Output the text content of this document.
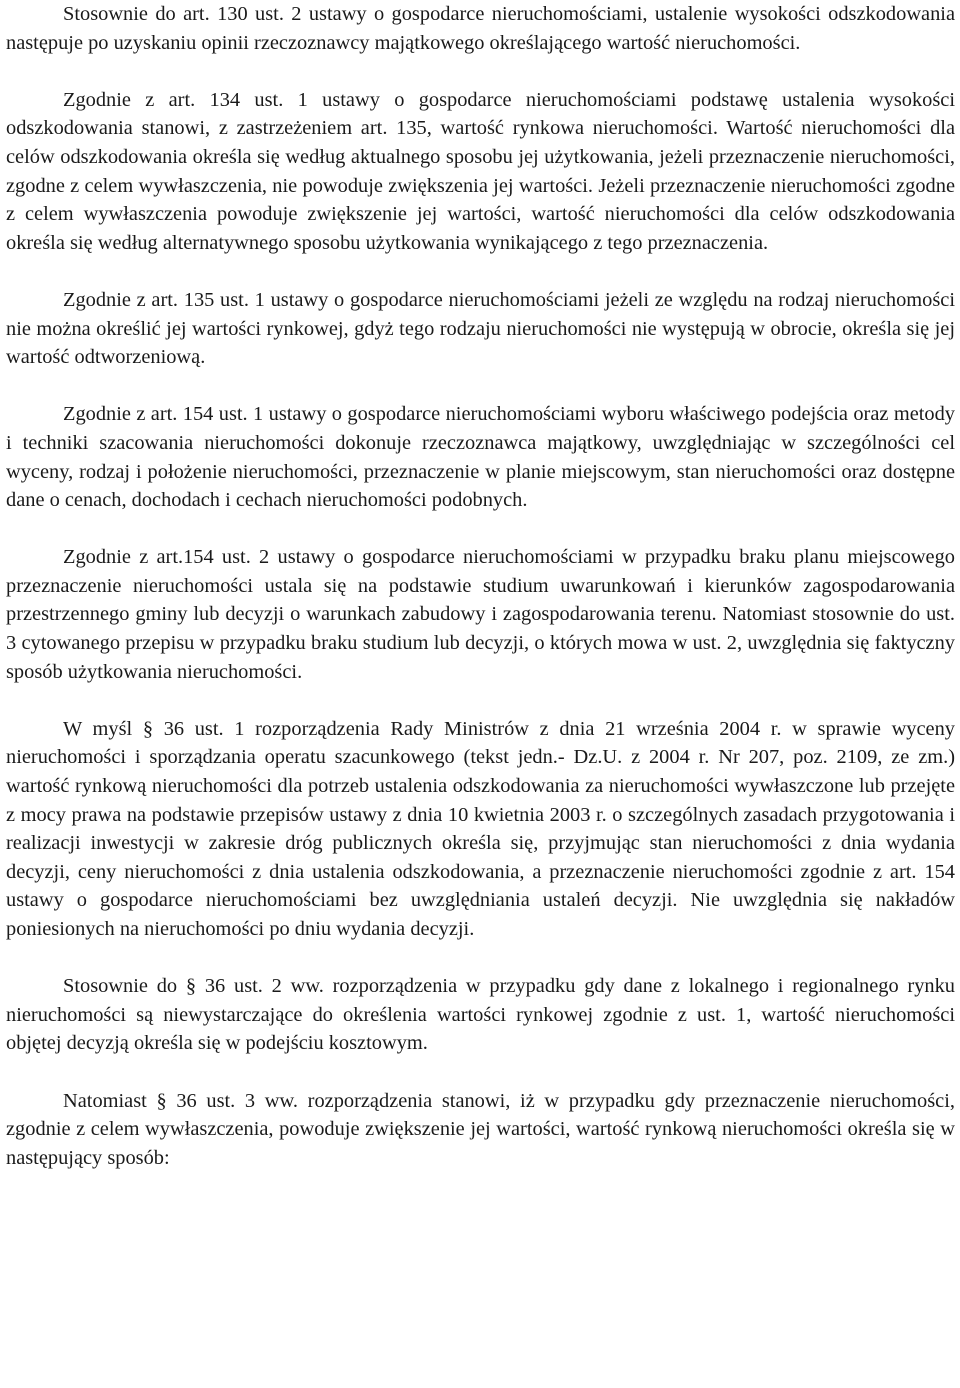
Stosownie do art. 130 ust. 2 ustawy o gospodarce nieruchomościami, ustalenie wysokości odszkodowania następuje po uzyskaniu opinii rzeczoznawcy majątkowego określającego wartość nieruchomości.

Zgodnie z art. 134 ust. 1 ustawy o gospodarce nieruchomościami podstawę ustalenia wysokości odszkodowania stanowi, z zastrzeżeniem art. 135, wartość rynkowa nieruchomości. Wartość nieruchomości dla celów odszkodowania określa się według aktualnego sposobu jej użytkowania, jeżeli przeznaczenie nieruchomości, zgodne z celem wywłaszczenia, nie powoduje zwiększenia jej wartości. Jeżeli przeznaczenie nieruchomości zgodne z celem wywłaszczenia powoduje zwiększenie jej wartości, wartość nieruchomości dla celów odszkodowania określa się według alternatywnego sposobu użytkowania wynikającego z tego przeznaczenia.

Zgodnie z art. 135 ust. 1 ustawy o gospodarce nieruchomościami jeżeli ze względu na rodzaj nieruchomości nie można określić jej wartości rynkowej, gdyż tego rodzaju nieruchomości nie występują w obrocie, określa się jej wartość odtworzeniową.

Zgodnie z art. 154 ust. 1 ustawy o gospodarce nieruchomościami wyboru właściwego podejścia oraz metody i techniki szacowania nieruchomości dokonuje rzeczoznawca majątkowy, uwzględniając w szczególności cel wyceny, rodzaj i położenie nieruchomości, przeznaczenie w planie miejscowym, stan nieruchomości oraz dostępne dane o cenach, dochodach i cechach nieruchomości podobnych.

Zgodnie z art.154 ust. 2 ustawy o gospodarce nieruchomościami w przypadku braku planu miejscowego przeznaczenie nieruchomości ustala się na podstawie studium uwarunkowań i kierunków zagospodarowania przestrzennego gminy lub decyzji o warunkach zabudowy i zagospodarowania terenu. Natomiast stosownie do ust. 3 cytowanego przepisu w przypadku braku studium lub decyzji, o których mowa w ust. 2, uwzględnia się faktyczny sposób użytkowania nieruchomości.

W myśl § 36 ust. 1 rozporządzenia Rady Ministrów z dnia 21 września 2004 r. w sprawie wyceny nieruchomości i sporządzania operatu szacunkowego (tekst jedn.- Dz.U. z 2004 r. Nr 207, poz. 2109, ze zm.) wartość rynkową nieruchomości dla potrzeb ustalenia odszkodowania za nieruchomości wywłaszczone lub przejęte z mocy prawa na podstawie przepisów ustawy z dnia 10 kwietnia 2003 r. o szczególnych zasadach przygotowania i realizacji inwestycji w zakresie dróg publicznych określa się, przyjmując stan nieruchomości z dnia wydania decyzji, ceny nieruchomości z dnia ustalenia odszkodowania, a przeznaczenie nieruchomości zgodnie z art. 154 ustawy o gospodarce nieruchomościami bez uwzględniania ustaleń decyzji. Nie uwzględnia się nakładów poniesionych na nieruchomości po dniu wydania decyzji.

Stosownie do § 36 ust. 2 ww. rozporządzenia w przypadku gdy dane z lokalnego i regionalnego rynku nieruchomości są niewystarczające do określenia wartości rynkowej zgodnie z ust. 1, wartość nieruchomości objętej decyzją określa się w podejściu kosztowym.

Natomiast § 36 ust. 3 ww. rozporządzenia stanowi, iż w przypadku gdy przeznaczenie nieruchomości, zgodnie z celem wywłaszczenia, powoduje zwiększenie jej wartości, wartość rynkową nieruchomości określa się w następujący sposób:
